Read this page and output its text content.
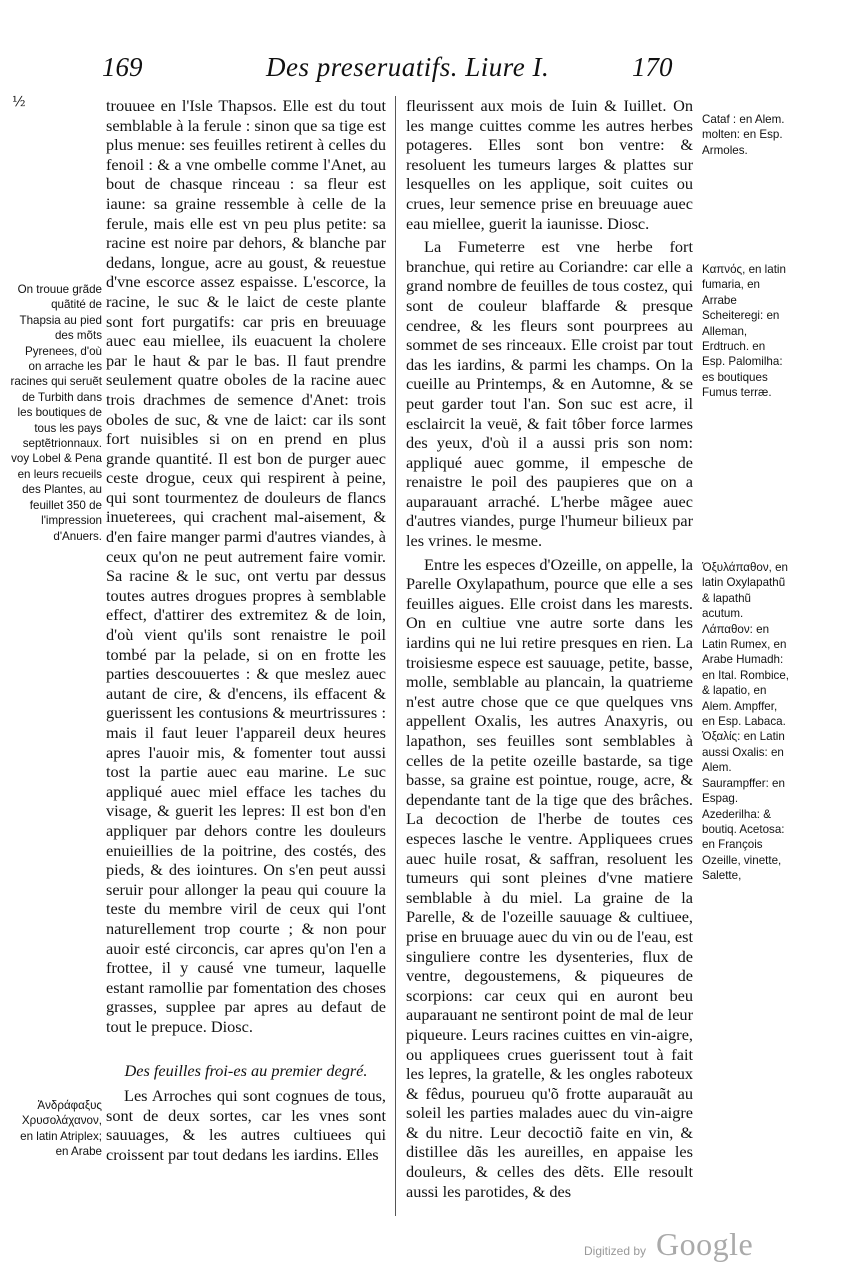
169	Des preseruatifs. Liure I.	170
½
On trouue grãde quãtité de Thapsia au pied des mõts Pyrenees, d'où on arrache les racines qui seruẽt de Turbith dans les boutiques de tous les pays septẽtrionnaux. voy Lobel & Pena en leurs recueils des Plantes, au feuillet 350 de l'impression d'Anuers.
Ἀνδράφαξυς Χρυσολάχανον, en latin Atriplex; en Arabe

trouuee en l'Isle Thapsos. Elle est du tout semblable à la ferule : sinon que sa tige est plus menue: ses feuilles retirent à celles du fenoil : & a vne ombelle comme l'Anet, au bout de chasque rinceau : sa fleur est iaune: sa graine ressemble à celle de la ferule, mais elle est vn peu plus petite: sa racine est noire par dehors, & blanche par dedans, longue, acre au goust, & reuestue d'vne escorce assez espaisse. L'escorce, la racine, le suc & le laict de ceste plante sont fort purgatifs: car pris en breuuage auec eau miellee, ils euacuent la cholere par le haut & par le bas. Il faut prendre seulement quatre oboles de la racine auec trois drachmes de semence d'Anet: trois oboles de suc, & vne de laict: car ils sont fort nuisibles si on en prend en plus grande quantité. Il est bon de purger auec ceste drogue, ceux qui respirent à peine, qui sont tourmentez de douleurs de flancs inueterees, qui crachent mal-aisement, & d'en faire manger parmi d'autres viandes, à ceux qu'on ne peut autrement faire vomir. Sa racine & le suc, ont vertu par dessus toutes autres drogues propres à semblable effect, d'attirer des extremitez & de loin, d'où vient qu'ils sont renaistre le poil tombé par la pelade, si on en frotte les parties descouuertes : & que meslez auec autant de cire, & d'encens, ils effacent & guerissent les contusions & meurtrissures : mais il faut leuer l'appareil deux heures apres l'auoir mis, & fomenter tout aussi tost la partie auec eau marine. Le suc appliqué auec miel efface les taches du visage, & guerit les lepres: Il est bon d'en appliquer par dehors contre les douleurs enuieillies de la poitrine, des costés, des pieds, & des iointures. On s'en peut aussi seruir pour allonger la peau qui couure la teste du membre viril de ceux qui l'ont naturellement trop courte ; & non pour auoir esté circoncis, car apres qu'on l'en a frottee, il y causé vne tumeur, laquelle estant ramollie par fomentation des choses grasses, supplee par apres au defaut de tout le prepuce. Diosc.

Des feuilles froi-es au premier degré.

Les Arroches qui sont cognues de tous, sont de deux sortes, car les vnes sont sauuages, & les autres cultiuees qui croissent par tout dedans les iardins. Elles

fleurissent aux mois de Iuin & Iuillet. On les mange cuittes comme les autres herbes potageres. Elles sont bon ventre: & resoluent les tumeurs larges & plattes sur lesquelles on les applique, soit cuites ou crues, leur semence prise en breuuage auec eau miellee, guerit la iaunisse. Diosc.

La Fumeterre est vne herbe fort branchue, qui retire au Coriandre: car elle a grand nombre de feuilles de tous costez, qui sont de couleur blaffarde & presque cendree, & les fleurs sont pourprees au sommet de ses rinceaux. Elle croist par tout das les iardins, & parmi les champs. On la cueille au Printemps, & en Automne, & se peut garder tout l'an. Son suc est acre, il esclaircit la veuë, & fait tôber force larmes des yeux, d'où il a aussi pris son nom: appliqué auec gomme, il empesche de renaistre le poil des paupieres que on a auparauant arraché. L'herbe mãgee auec d'autres viandes, purge l'humeur bilieux par les vrines. le mesme.

Entre les especes d'Ozeille, on appelle, la Parelle Oxylapathum, pource que elle a ses feuilles aigues. Elle croist dans les marests. On en cultiue vne autre sorte dans les iardins qui ne lui retire presques en rien. La troisiesme espece est sauuage, petite, basse, molle, semblable au plancain, la quatrieme n'est autre chose que ce que quelques vns appellent Oxalis, les autres Anaxyris, ou lapathon, ses feuilles sont semblables à celles de la petite ozeille bastarde, sa tige basse, sa graine est pointue, rouge, acre, & dependante tant de la tige que des brâches. La decoction de l'herbe de toutes ces especes lasche le ventre. Appliquees crues auec huile rosat, & saffran, resoluent les tumeurs qui sont pleines d'vne matiere semblable à du miel. La graine de la Parelle, & de l'ozeille sauuage & cultiuee, prise en bruuage auec du vin ou de l'eau, est singuliere contre les dysenteries, flux de ventre, degoustemens, & piqueures de scorpions: car ceux qui en auront beu auparauant ne sentiront point de mal de leur piqueure. Leurs racines cuittes en vin-aigre, ou appliquees crues guerissent tout à fait les lepres, la gratelle, & les ongles raboteux & fêdus, pourueu qu'õ frotte auparauãt au soleil les parties malades auec du vin-aigre & du nitre. Leur decoctiõ faite en vin, & distillee dãs les aureilles, en appaise les douleurs, & celles des dẽts. Elle resoult aussi les parotides, & des

Cataf : en Alem. molten: en Esp. Armoles.
Καπνός, en latin fumaria, en Arrabe Scheiteregi: en Alleman, Erdtruch. en Esp. Palomilha: es boutiques Fumus terræ.
Ὀξυλάπαθον, en latin Oxylapathũ & lapathũ acutum. Λάπαθον: en Latin Rumex, en Arabe Humadh: en Ital. Rombice, & lapatio, en Alem. Ampffer, en Esp. Labaca. Ὀξαλίς: en Latin aussi Oxalis: en Alem. Saurampffer: en Espag. Azederilha: & boutiq. Acetosa: en François Ozeille, vinette, Salette,
Digitized by Google
